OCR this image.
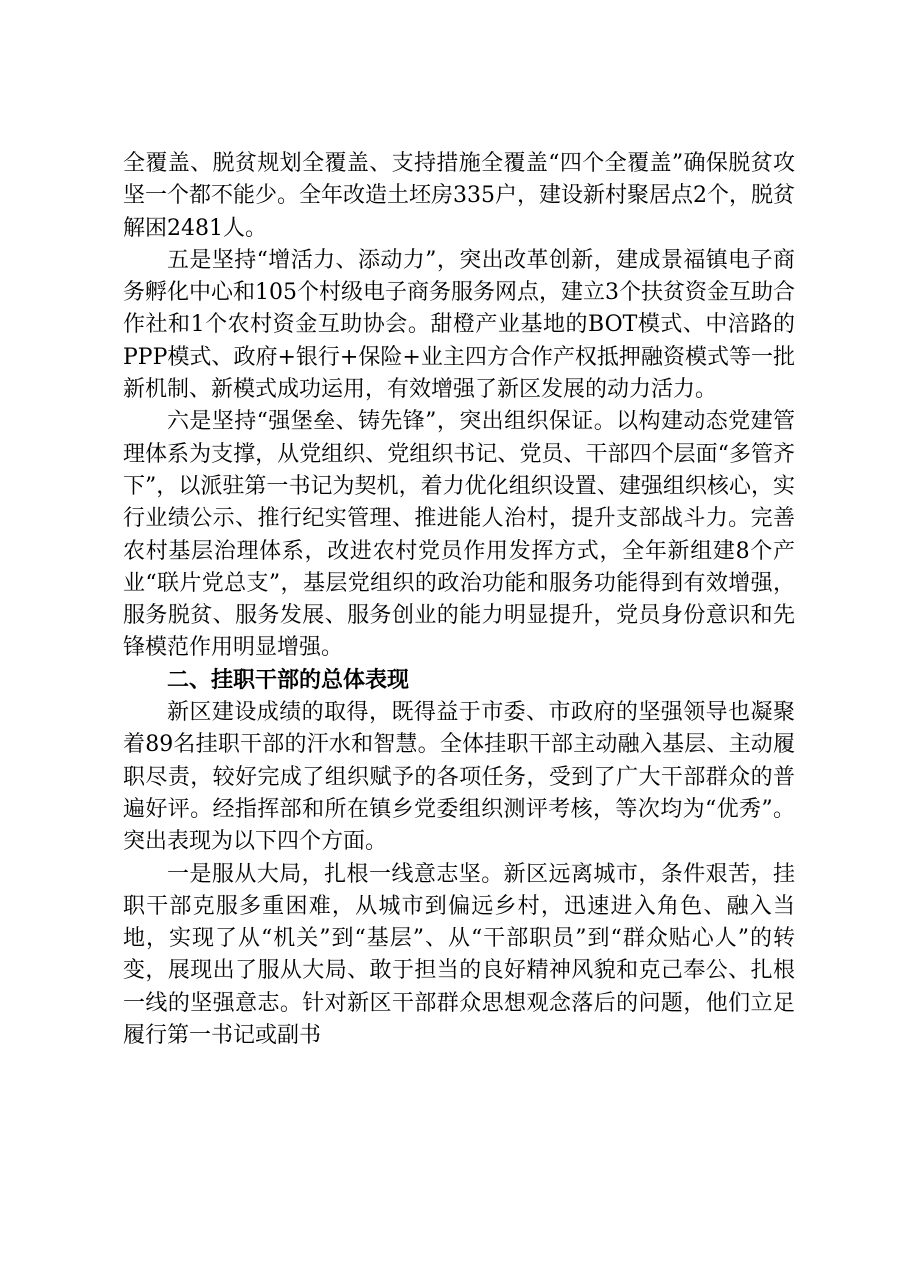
全覆盖、脱贫规划全覆盖、支持措施全覆盖“四个全覆盖”确保脱贫攻坚一个都不能少。全年改造土坯房335户，建设新村聚居点2个，脱贫解困2481人。

五是坚持“增活力、添动力”，突出改革创新，建成景福镇电子商务孵化中心和105个村级电子商务服务网点，建立3个扶贫资金互助合作社和1个农村资金互助协会。甜橙产业基地的BOT模式、中涪路的PPP模式、政府+银行+保险+业主四方合作产权抵押融资模式等一批新机制、新模式成功运用，有效增强了新区发展的动力活力。

六是坚持“强堡垒、铸先锋”，突出组织保证。以构建动态党建管理体系为支撑，从党组织、党组织书记、党员、干部四个层面“多管齐下”，以派驻第一书记为契机，着力优化组织设置、建强组织核心，实行业绩公示、推行纪实管理、推进能人治村，提升支部战斗力。完善农村基层治理体系，改进农村党员作用发挥方式，全年新组建8个产业“联片党总支”，基层党组织的政治功能和服务功能得到有效增强，服务脱贫、服务发展、服务创业的能力明显提升，党员身份意识和先锋模范作用明显增强。

二、挂职干部的总体表现

新区建设成绩的取得，既得益于市委、市政府的坚强领导也凝聚着89名挂职干部的汗水和智慧。全体挂职干部主动融入基层、主动履职尽责，较好完成了组织赋予的各项任务，受到了广大干部群众的普遍好评。经指挥部和所在镇乡党委组织测评考核，等次均为“优秀”。突出表现为以下四个方面。

一是服从大局，扎根一线意志坚。新区远离城市，条件艰苦，挂职干部克服多重困难，从城市到偏远乡村，迅速进入角色、融入当地，实现了从“机关”到“基层”、从“干部职员”到“群众贴心人”的转变，展现出了服从大局、敢于担当的良好精神风貌和克己奉公、扎根一线的坚强意志。针对新区干部群众思想观念落后的问题，他们立足履行第一书记或副书
